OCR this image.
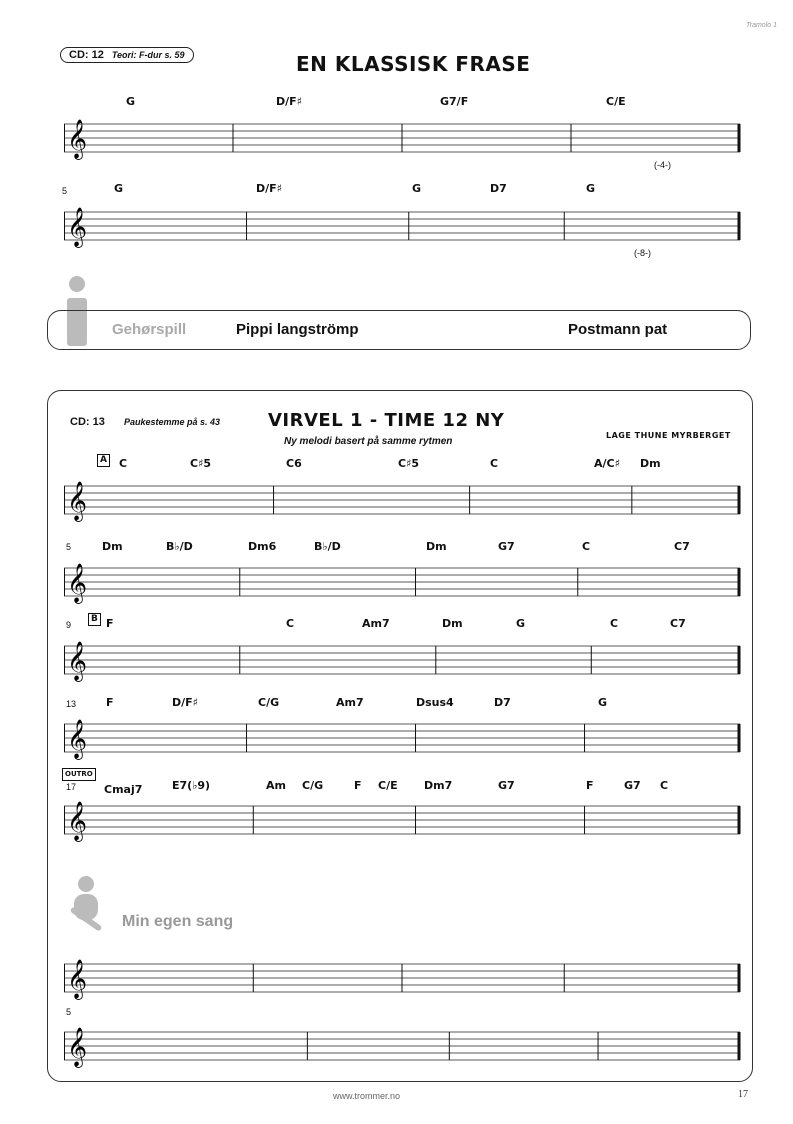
Tramolo 1
CD: 12 Teori: F-dur s. 59	EN KLASSISK FRASE
G	D/F♯	G7/F	C/E
𝄞
(-4-)
5	G	D/F♯	G	D7	G
𝄞
(-8-)
Gehørspill	Pippi langströmp	Postmann pat
CD: 13 Paukestemme på s. 43	VIRVEL 1 - TIME 12 NY
Ny melodi basert på samme rytmen
LAGE THUNE MYRBERGET
A C	C♯5	C6	C♯5	C	A/C♯ Dm
𝄞
5	Dm	B♭/D	Dm6	B♭/D	Dm	G7	C	C7
𝄞
9
B F	C	Am7	Dm	G	C	C7
𝄞
13	F	D/F♯	C/G	Am7	Dsus4	D7	G
𝄞
OUTRO
17	Cmaj7	E7(♭9)	Am C/G	F C/E Dm7	G7	F	G7 C
𝄞
Min egen sang
𝄞
5
𝄞
www.trommer.no	17
